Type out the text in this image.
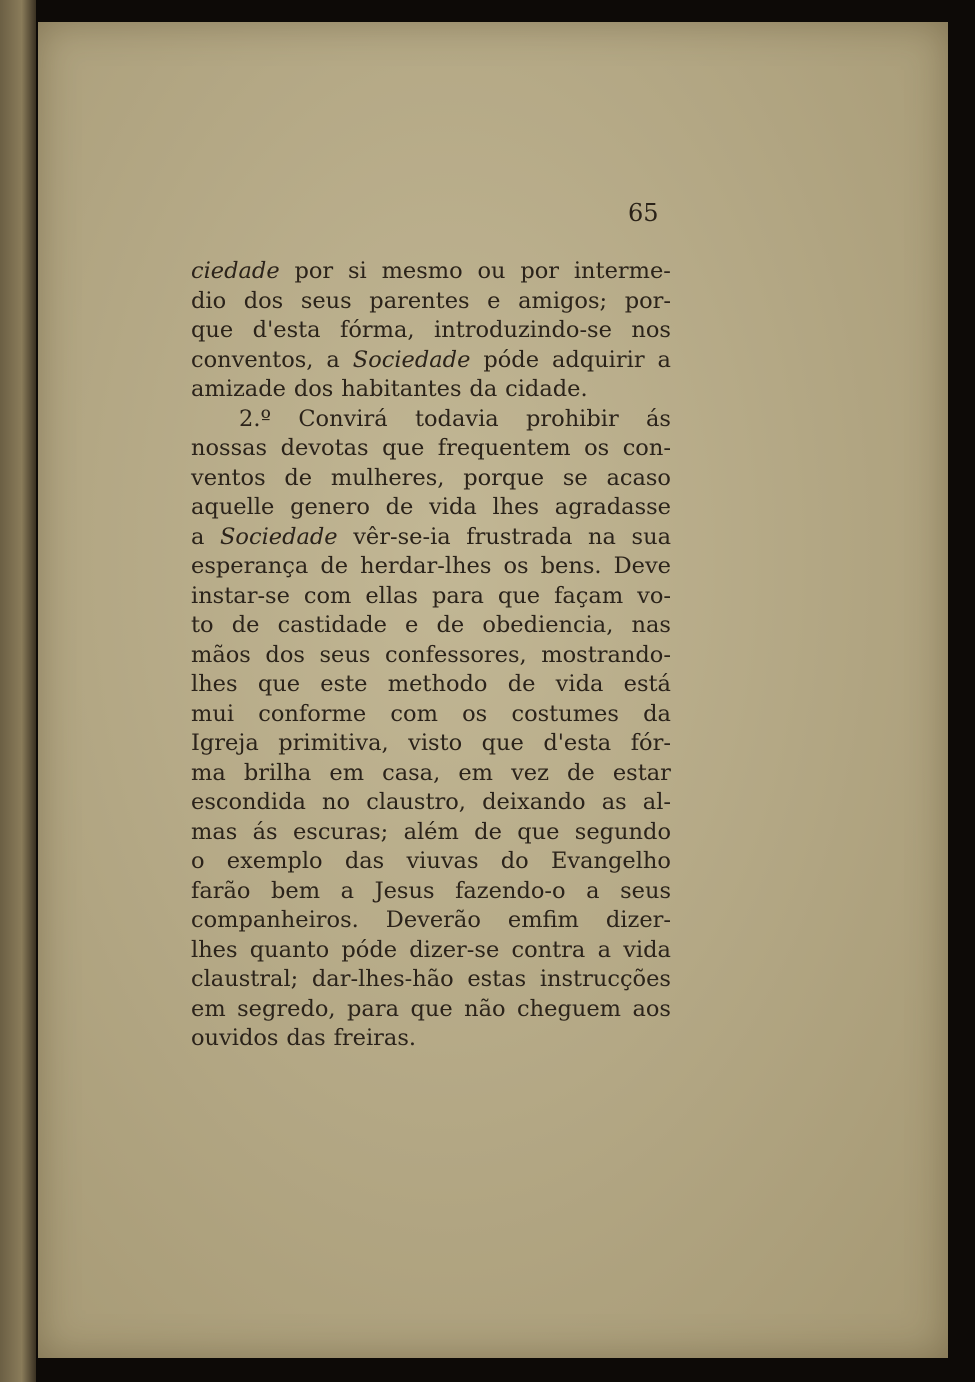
65
ciedade por si mesmo ou por interme-
dio dos seus parentes e amigos; por-
que d'esta fórma, introduzindo-se nos
conventos, a Sociedade póde adquirir a
amizade dos habitantes da cidade.
2.º Convirá todavia prohibir ás
nossas devotas que frequentem os con-
ventos de mulheres, porque se acaso
aquelle genero de vida lhes agradasse
a Sociedade vêr-se-ia frustrada na sua
esperança de herdar-lhes os bens. Deve
instar-se com ellas para que façam vo-
to de castidade e de obediencia, nas
mãos dos seus confessores, mostrando-
lhes que este methodo de vida está
mui conforme com os costumes da
Igreja primitiva, visto que d'esta fór-
ma brilha em casa, em vez de estar
escondida no claustro, deixando as al-
mas ás escuras; além de que segundo
o exemplo das viuvas do Evangelho
farão bem a Jesus fazendo-o a seus
companheiros. Deverão emfim dizer-
lhes quanto póde dizer-se contra a vida
claustral; dar-lhes-hão estas instrucções
em segredo, para que não cheguem aos
ouvidos das freiras.
